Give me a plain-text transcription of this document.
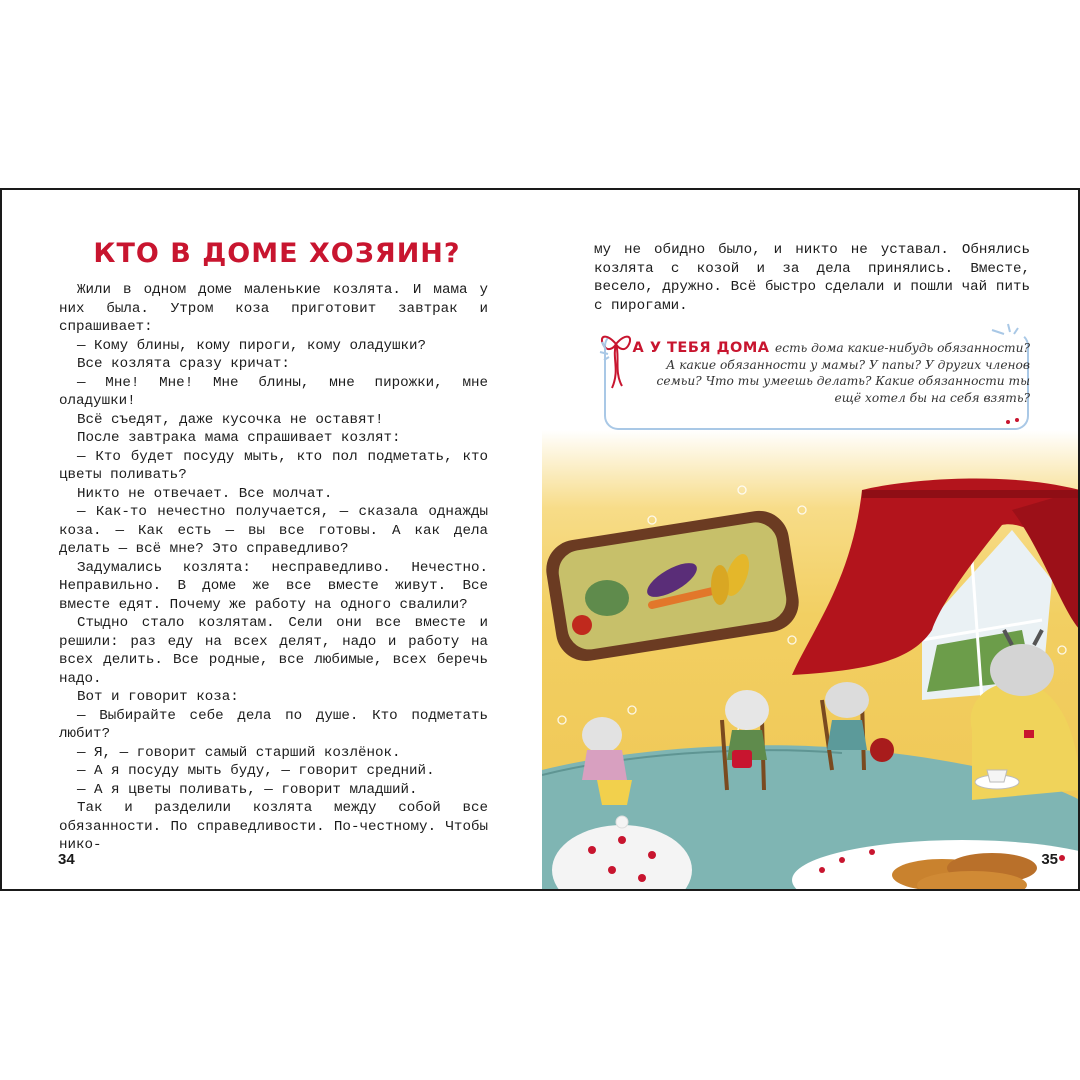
КТО В ДОМЕ ХОЗЯИН?

Жили в одном доме маленькие козлята. И мама у них была. Утром коза приготовит завтрак и спрашивает:

— Кому блины, кому пироги, кому оладушки?

Все козлята сразу кричат:

— Мне! Мне! Мне блины, мне пирожки, мне оладушки!

Всё съедят, даже кусочка не оставят!

После завтрака мама спрашивает козлят:

— Кто будет посуду мыть, кто пол подметать, кто цветы поливать?

Никто не отвечает. Все молчат.

— Как-то нечестно получается, — сказала однажды коза. — Как есть — вы все готовы. А как дела делать — всё мне? Это справедливо?

Задумались козлята: несправедливо. Нечестно. Неправильно. В доме же все вместе живут. Все вместе едят. Почему же работу на одного свалили?

Стыдно стало козлятам. Сели они все вместе и решили: раз еду на всех делят, надо и работу на всех делить. Все родные, все любимые, всех беречь надо.

Вот и говорит коза:

— Выбирайте себе дела по душе. Кто подметать любит?

— Я, — говорит самый старший козлёнок.

— А я посуду мыть буду, — говорит средний.

— А я цветы поливать, — говорит младший.

Так и разделили козлята между собой все обязанности. По справедливости. По-честному. Чтобы нико-

34

му не обидно было, и никто не уставал. Обнялись козлята с козой и за дела принялись. Вместе, весело, дружно. Всё быстро сделали и пошли чай пить с пирогами.

А У ТЕБЯ ДОМА есть дома какие-нибудь обязанности? А какие обязанности у мамы? У папы? У других членов семьи? Что ты умеешь делать? Какие обязанности ты ещё хотел бы на себя взять?
35
